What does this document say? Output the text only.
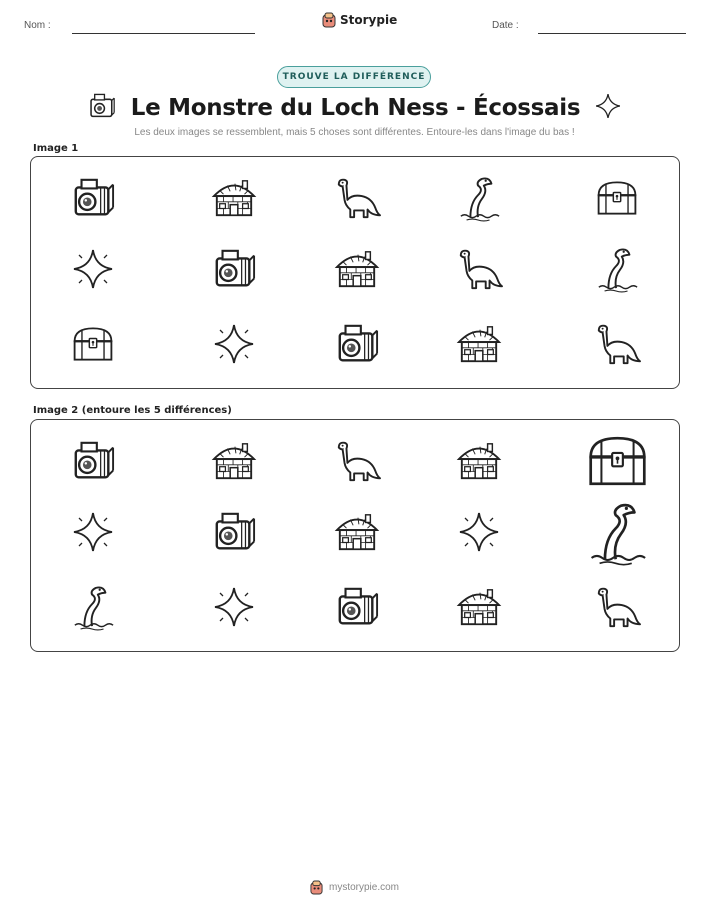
Nom :	Storypie	Date :
TROUVE LA DIFFÉRENCE
Le Monstre du Loch Ness - Écossais
Les deux images se ressemblent, mais 5 choses sont différentes. Entoure-les dans l'image du bas !
Image 1
Image 2 (entoure les 5 différences)
mystorypie.com
